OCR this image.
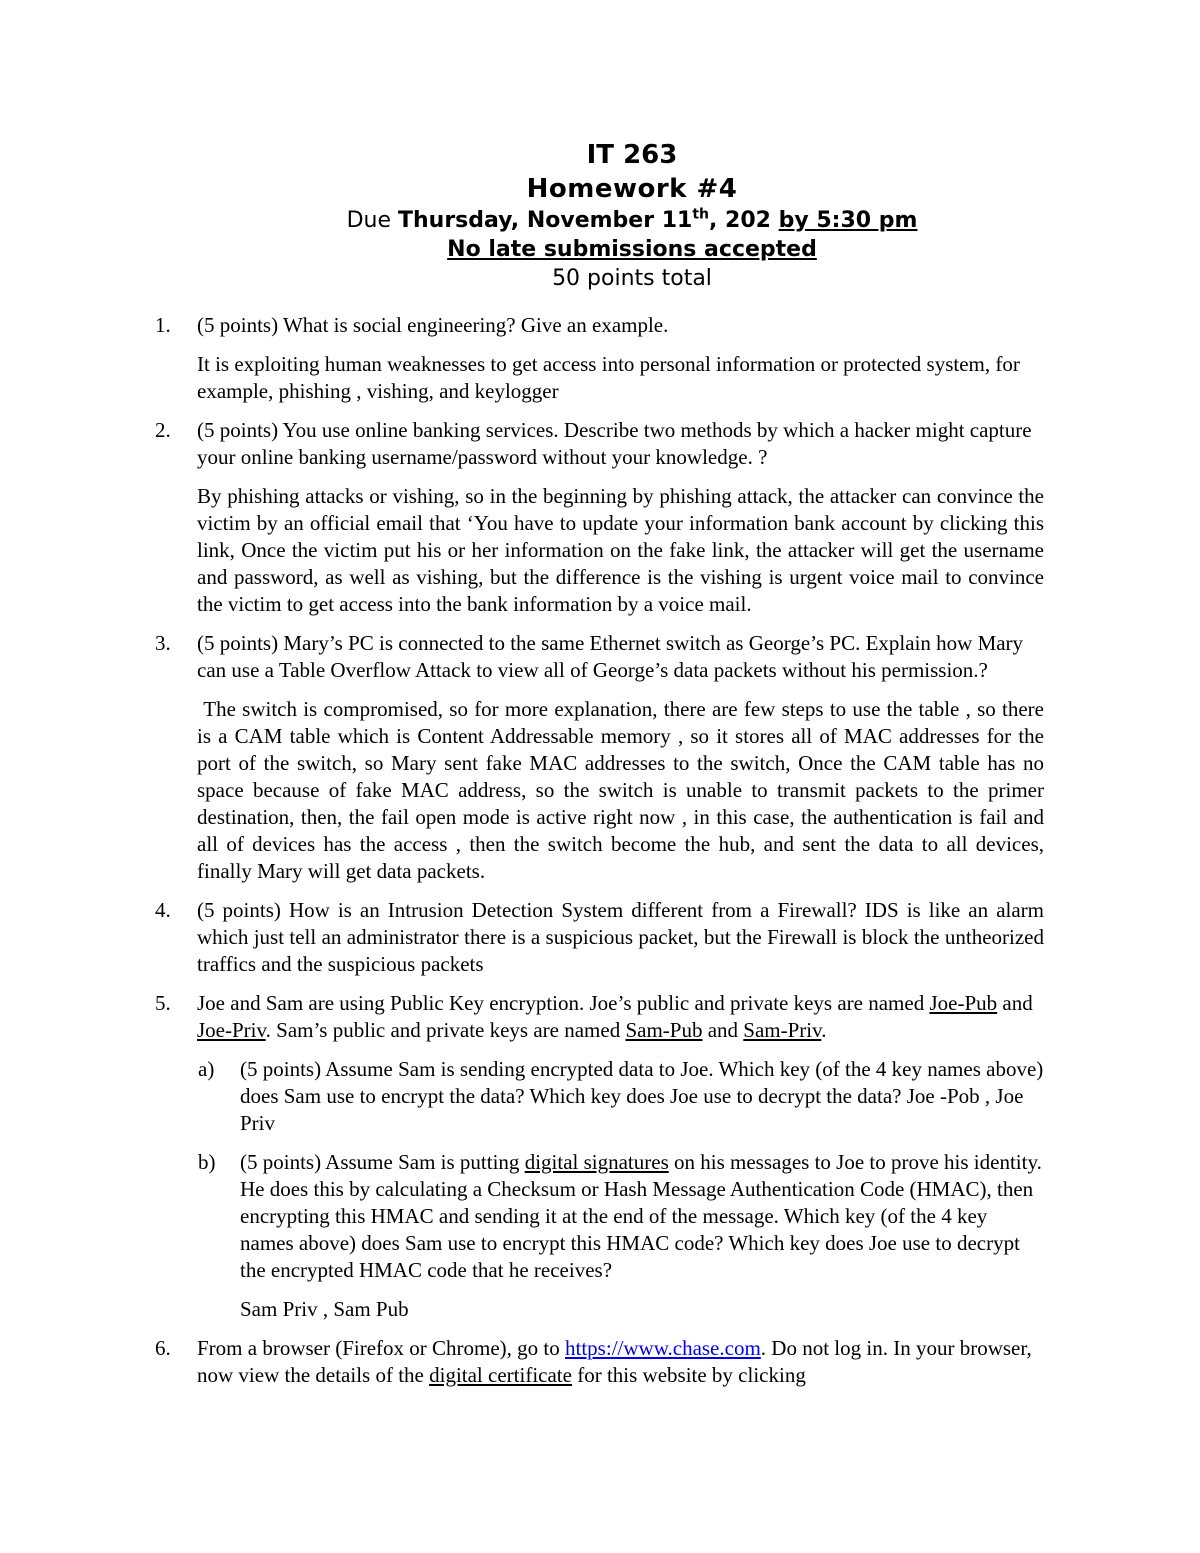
IT 263
Homework #4
Due Thursday, November 11th, 202 by 5:30 pm
No late submissions accepted
50 points total
1. (5 points) What is social engineering? Give an example.
It is exploiting human weaknesses to get access into personal information or protected system, for example, phishing , vishing, and keylogger
2. (5 points) You use online banking services. Describe two methods by which a hacker might capture your online banking username/password without your knowledge. ?
By phishing attacks or vishing, so in the beginning by phishing attack, the attacker can convince the victim by an official email that ‘You have to update your information bank account by clicking this link, Once the victim put his or her information on the fake link, the attacker will get the username and password, as well as vishing, but the difference is the vishing is urgent voice mail to convince the victim to get access into the bank information by a voice mail.
3. (5 points) Mary’s PC is connected to the same Ethernet switch as George’s PC. Explain how Mary can use a Table Overflow Attack to view all of George’s data packets without his permission.?
The switch is compromised, so for more explanation, there are few steps to use the table , so there is a CAM table which is Content Addressable memory , so it stores all of MAC addresses for the port of the switch, so Mary sent fake MAC addresses to the switch, Once the CAM table has no space because of fake MAC address, so the switch is unable to transmit packets to the primer destination, then, the fail open mode is active right now , in this case, the authentication is fail and all of devices has the access , then the switch become the hub, and sent the data to all devices, finally Mary will get data packets.
4. (5 points) How is an Intrusion Detection System different from a Firewall? IDS is like an alarm which just tell an administrator there is a suspicious packet, but the Firewall is block the untheorized traffics and the suspicious packets
5. Joe and Sam are using Public Key encryption. Joe’s public and private keys are named Joe-Pub and Joe-Priv. Sam’s public and private keys are named Sam-Pub and Sam-Priv.
a) (5 points) Assume Sam is sending encrypted data to Joe. Which key (of the 4 key names above) does Sam use to encrypt the data? Which key does Joe use to decrypt the data? Joe -Pob , Joe Priv
b) (5 points) Assume Sam is putting digital signatures on his messages to Joe to prove his identity. He does this by calculating a Checksum or Hash Message Authentication Code (HMAC), then encrypting this HMAC and sending it at the end of the message. Which key (of the 4 key names above) does Sam use to encrypt this HMAC code? Which key does Joe use to decrypt the encrypted HMAC code that he receives?
Sam Priv , Sam Pub
6. From a browser (Firefox or Chrome), go to https://www.chase.com. Do not log in. In your browser, now view the details of the digital certificate for this website by clicking
